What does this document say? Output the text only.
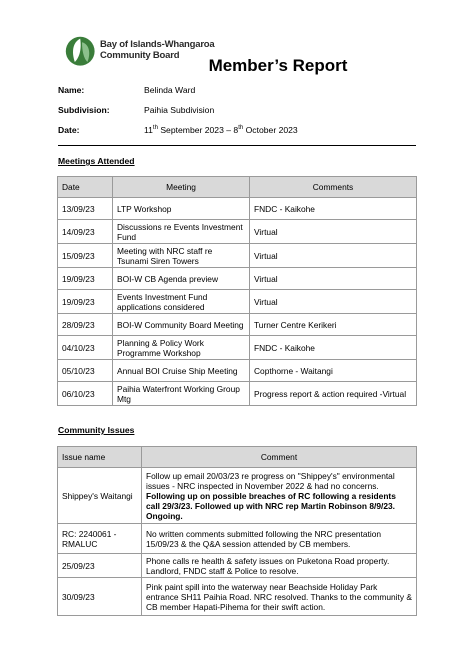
Bay of Islands-Whangaroa
Community Board
Member’s Report
Name:	Belinda Ward
Subdivision:	Paihia Subdivision
Date:	11th September 2023 – 8th October 2023
Meetings Attended
Date	Meeting	Comments
13/09/23	LTP Workshop	FNDC - Kaikohe
14/09/23	Discussions re Events Investment Fund	Virtual
15/09/23	Meeting with NRC staff re Tsunami Siren Towers	Virtual
19/09/23	BOI-W CB Agenda preview	Virtual
19/09/23	Events Investment Fund applications considered	Virtual
28/09/23	BOI-W Community Board Meeting	Turner Centre Kerikeri
04/10/23	Planning & Policy Work Programme Workshop	FNDC - Kaikohe
05/10/23	Annual BOI Cruise Ship Meeting	Copthorne - Waitangi
06/10/23	Paihia Waterfront Working Group Mtg	Progress report & action required -Virtual
Community Issues
Issue name	Comment
Shippey's Waitangi	Follow up email 20/03/23 re progress on "Shippey's" environmental issues - NRC inspected in November 2022 & had no concerns. Following up on possible breaches of RC following a residents call 29/3/23. Followed up with NRC rep Martin Robinson 8/9/23. Ongoing.
RC: 2240061 - RMALUC	No written comments submitted following the NRC presentation 15/09/23 & the Q&A session attended by CB members.
25/09/23	Phone calls re health & safety issues on Puketona Road property. Landlord, FNDC staff & Police to resolve.
30/09/23	Pink paint spill into the waterway near Beachside Holiday Park entrance SH11 Paihia Road. NRC resolved. Thanks to the community & CB member Hapati-Pihema for their swift action.
